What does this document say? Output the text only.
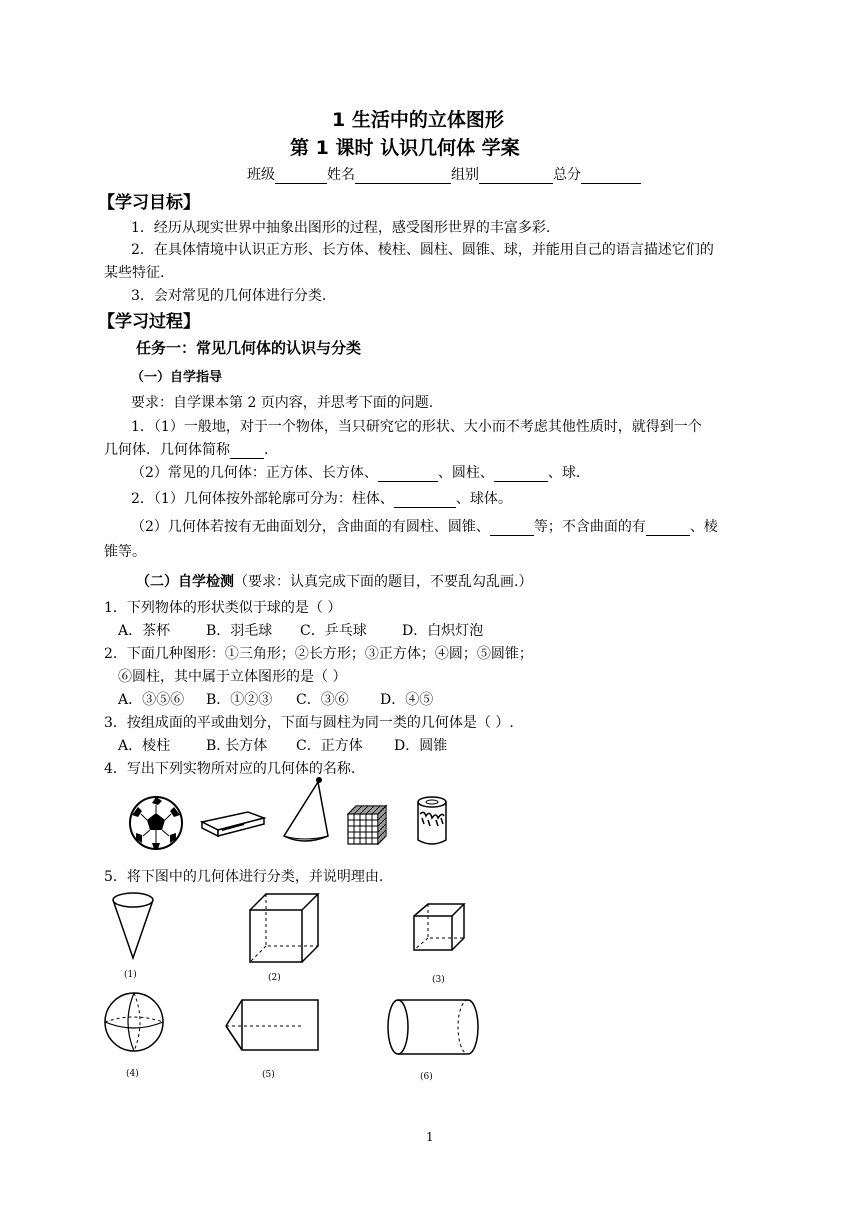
1 生活中的立体图形
第 1 课时 认识几何体 学案
班级	姓名	组别	总分
【学习目标】
1．经历从现实世界中抽象出图形的过程，感受图形世界的丰富多彩.
2．在具体情境中认识正方形、长方体、棱柱、圆柱、圆锥、球，并能用自己的语言描述它们的
某些特征.
3．会对常见的几何体进行分类.
【学习过程】
任务一：常见几何体的认识与分类
（一）自学指导
要求：自学课本第 2 页内容，并思考下面的问题.
1．（1）一般地，对于一个物体，当只研究它的形状、大小而不考虑其他性质时，就得到一个
几何体．几何体简称 .
（2）常见的几何体：正方体、长方体、	、圆柱、	、球.
2．（1）几何体按外部轮廓可分为：柱体、	、球体。
（2）几何体若按有无曲面划分，含曲面的有圆柱、圆锥、	等；不含曲面的有	、棱
锥等。
（二）自学检测（要求：认真完成下面的题目，不要乱勾乱画.）
1．下列物体的形状类似于球的是（ ）
A．茶杯	B．羽毛球 C．乒乓球	D．白炽灯泡
2．下面几种图形：①三角形；②长方形；③正方体；④圆；⑤圆锥；
⑥圆柱，其中属于立体图形的是（ ）
A．③⑤⑥ B．①②③ C．③⑥ D．④⑤
3．按组成面的平或曲划分，下面与圆柱为同一类的几何体是（ ）.
A．棱柱	B. 长方体 C．正方体 D．圆锥
4．写出下列实物所对应的几何体的名称.
5．将下图中的几何体进行分类，并说明理由.
(1)	(2)	(3)
(4)	(5)	(6)
1
